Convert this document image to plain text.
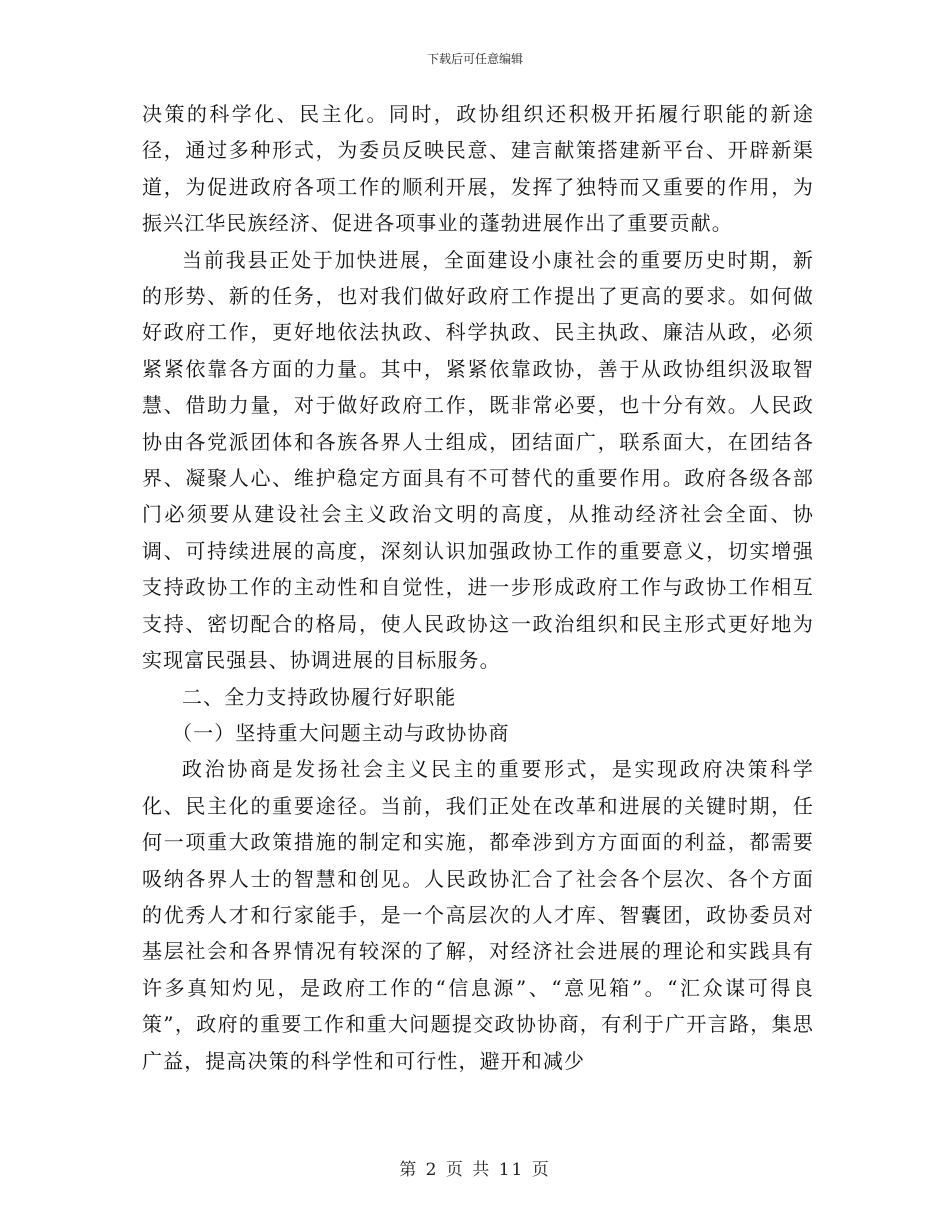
下载后可任意编辑

决策的科学化、民主化。同时，政协组织还积极开拓履行职能的新途径，通过多种形式，为委员反映民意、建言献策搭建新平台、开辟新渠道，为促进政府各项工作的顺利开展，发挥了独特而又重要的作用，为振兴江华民族经济、促进各项事业的蓬勃进展作出了重要贡献。

当前我县正处于加快进展，全面建设小康社会的重要历史时期，新的形势、新的任务，也对我们做好政府工作提出了更高的要求。如何做好政府工作，更好地依法执政、科学执政、民主执政、廉洁从政，必须紧紧依靠各方面的力量。其中，紧紧依靠政协，善于从政协组织汲取智慧、借助力量，对于做好政府工作，既非常必要，也十分有效。人民政协由各党派团体和各族各界人士组成，团结面广，联系面大，在团结各界、凝聚人心、维护稳定方面具有不可替代的重要作用。政府各级各部门必须要从建设社会主义政治文明的高度，从推动经济社会全面、协调、可持续进展的高度，深刻认识加强政协工作的重要意义，切实增强支持政协工作的主动性和自觉性，进一步形成政府工作与政协工作相互支持、密切配合的格局，使人民政协这一政治组织和民主形式更好地为实现富民强县、协调进展的目标服务。

二、全力支持政协履行好职能

（一）坚持重大问题主动与政协协商

政治协商是发扬社会主义民主的重要形式，是实现政府决策科学化、民主化的重要途径。当前，我们正处在改革和进展的关键时期，任何一项重大政策措施的制定和实施，都牵涉到方方面面的利益，都需要吸纳各界人士的智慧和创见。人民政协汇合了社会各个层次、各个方面的优秀人才和行家能手，是一个高层次的人才库、智囊团，政协委员对基层社会和各界情况有较深的了解，对经济社会进展的理论和实践具有许多真知灼见，是政府工作的“信息源”、“意见箱”。“汇众谋可得良策”，政府的重要工作和重大问题提交政协协商，有利于广开言路，集思广益，提高决策的科学性和可行性，避开和减少

第 2 页 共 11 页
